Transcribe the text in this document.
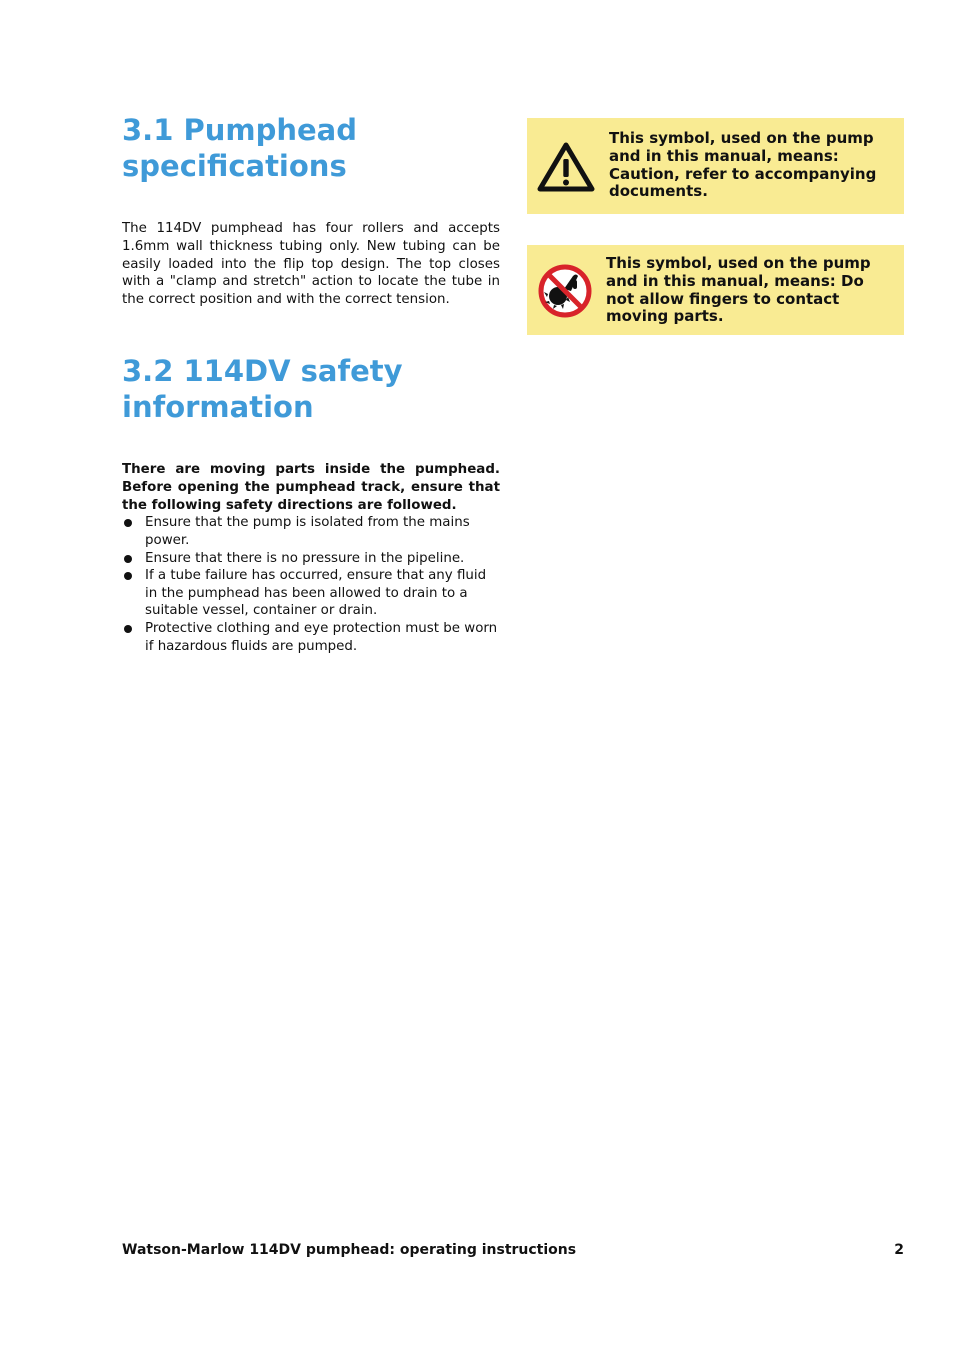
3.1 Pumphead specifications

The 114DV pumphead has four rollers and accepts 1.6mm wall thickness tubing only. New tubing can be easily loaded into the flip top design. The top closes with a "clamp and stretch" action to locate the tube in the correct position and with the correct tension.

3.2 114DV safety information

There are moving parts inside the pumphead. Before opening the pumphead track, ensure that the following safety directions are followed.

Ensure that the pump is isolated from the mains power.
Ensure that there is no pressure in the pipeline.
If a tube failure has occurred, ensure that any fluid in the pumphead has been allowed to drain to a suitable vessel, container or drain.
Protective clothing and eye protection must be worn if hazardous fluids are pumped.
This symbol, used on the pump and in this manual, means: Caution, refer to accompanying documents.
This symbol, used on the pump and in this manual, means: Do not allow fingers to contact moving parts.
Watson-Marlow 114DV pumphead: operating instructions	2
